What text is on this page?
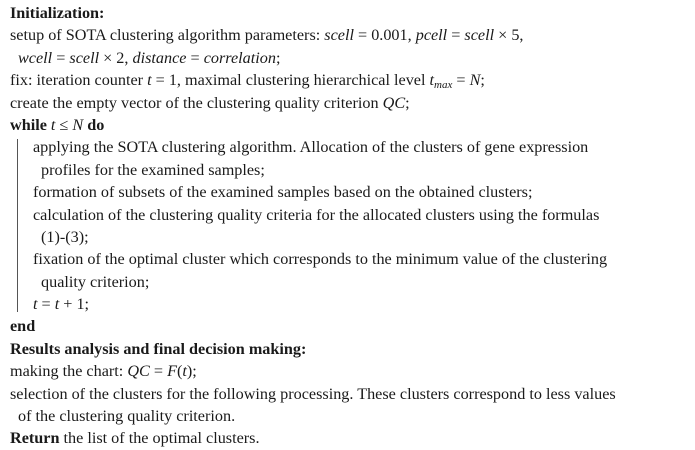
Initialization:
setup of SOTA clustering algorithm parameters: scell = 0.001, pcell = scell × 5,
wcell = scell × 2, distance = correlation;
fix: iteration counter t = 1, maximal clustering hierarchical level $t_{max} = N$;
create the empty vector of the clustering quality criterion QC;
while t ≤ N do
applying the SOTA clustering algorithm. Allocation of the clusters of gene expression
profiles for the examined samples;
formation of subsets of the examined samples based on the obtained clusters;
calculation of the clustering quality criteria for the allocated clusters using the formulas
(1)-(3);
fixation of the optimal cluster which corresponds to the minimum value of the clustering
quality criterion;
t = t + 1;
end
Results analysis and final decision making:
making the chart: QC = F(t);
selection of the clusters for the following processing. These clusters correspond to less values
of the clustering quality criterion.
Return the list of the optimal clusters.
